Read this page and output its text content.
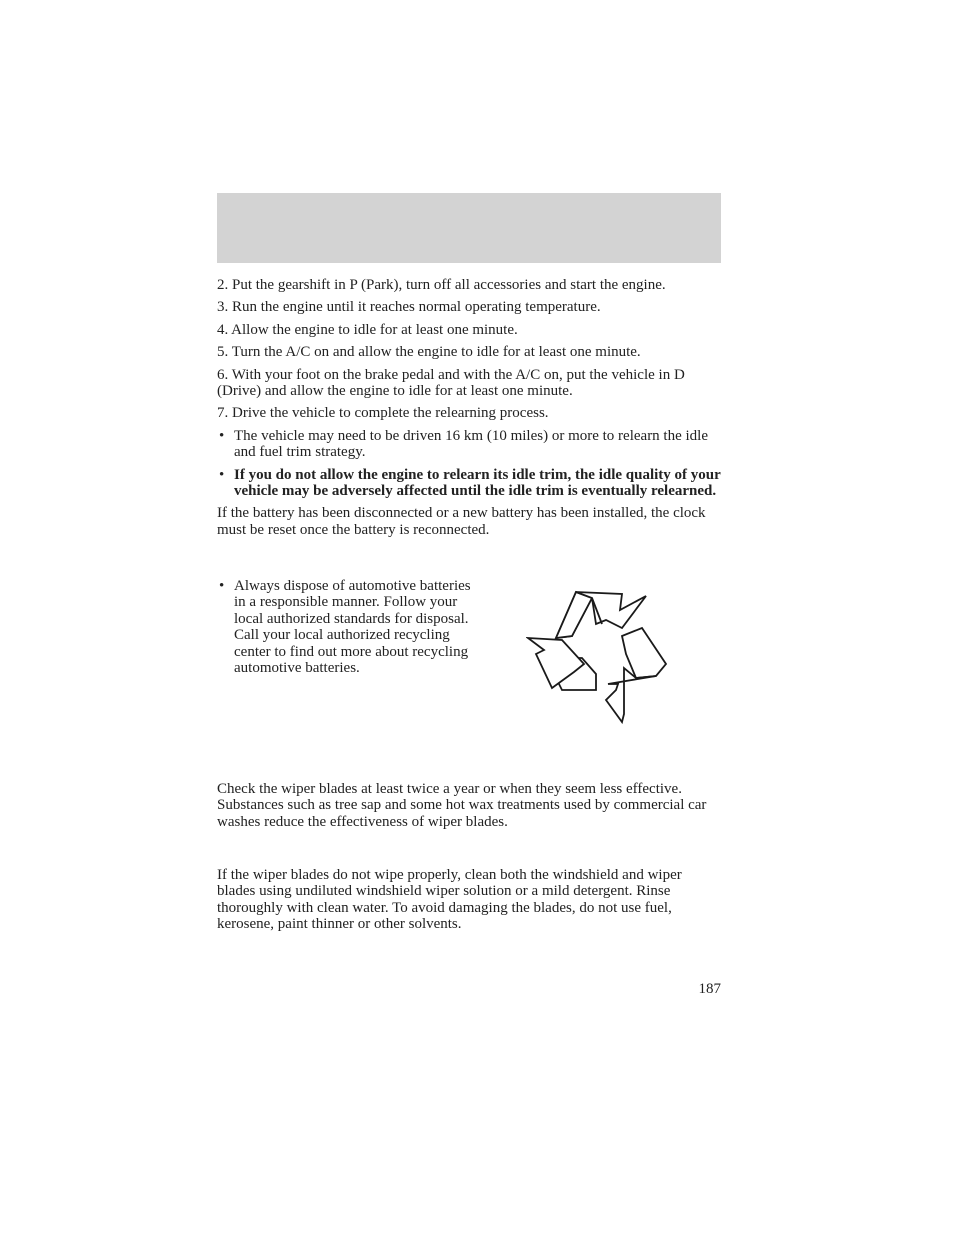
2. Put the gearshift in P (Park), turn off all accessories and start the engine.

3. Run the engine until it reaches normal operating temperature.

4. Allow the engine to idle for at least one minute.

5. Turn the A/C on and allow the engine to idle for at least one minute.

6. With your foot on the brake pedal and with the A/C on, put the vehicle in D (Drive) and allow the engine to idle for at least one minute.

7. Drive the vehicle to complete the relearning process.

• The vehicle may need to be driven 16 km (10 miles) or more to relearn the idle and fuel trim strategy.

• If you do not allow the engine to relearn its idle trim, the idle quality of your vehicle may be adversely affected until the idle trim is eventually relearned.

If the battery has been disconnected or a new battery has been installed, the clock must be reset once the battery is reconnected.

• Always dispose of automotive batteries in a responsible manner. Follow your local authorized standards for disposal. Call your local authorized recycling center to find out more about recycling automotive batteries.

Check the wiper blades at least twice a year or when they seem less effective. Substances such as tree sap and some hot wax treatments used by commercial car washes reduce the effectiveness of wiper blades.

If the wiper blades do not wipe properly, clean both the windshield and wiper blades using undiluted windshield wiper solution or a mild detergent. Rinse thoroughly with clean water. To avoid damaging the blades, do not use fuel, kerosene, paint thinner or other solvents.

187
